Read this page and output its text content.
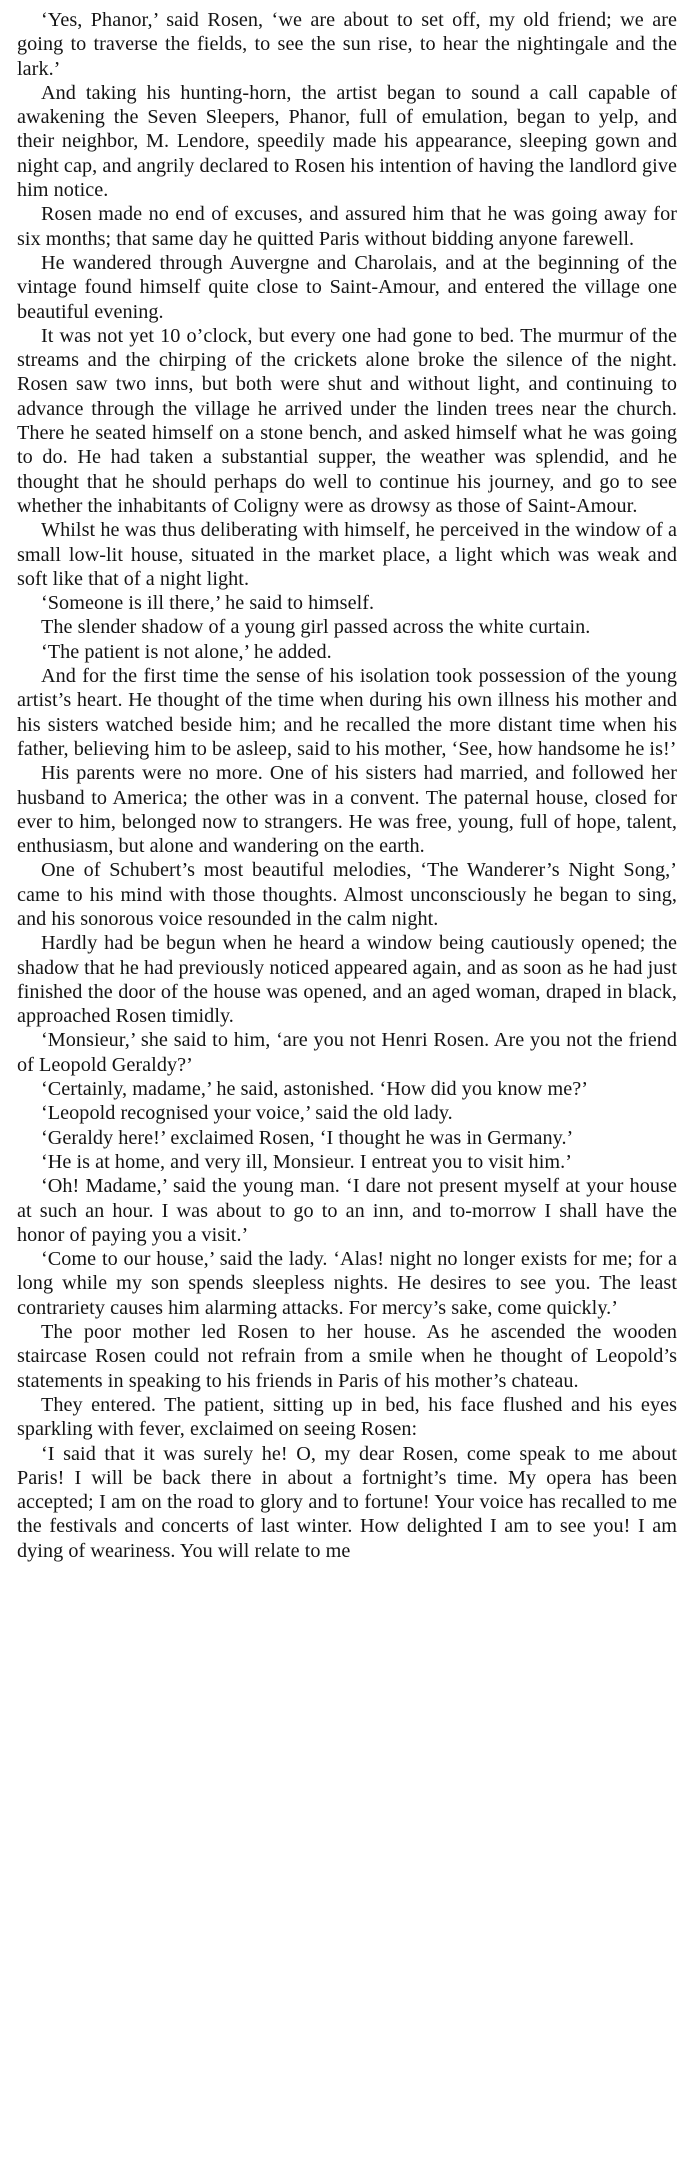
‘Yes, Phanor,’ said Rosen, ‘we are about to set off, my old friend; we are going to traverse the fields, to see the sun rise, to hear the nightingale and the lark.’

And taking his hunting-horn, the artist began to sound a call capable of awakening the Seven Sleepers, Phanor, full of emulation, began to yelp, and their neighbor, M. Lendore, speedily made his appearance, sleeping gown and night cap, and angrily declared to Rosen his intention of having the landlord give him notice.

Rosen made no end of excuses, and assured him that he was going away for six months; that same day he quitted Paris without bidding anyone farewell.

He wandered through Auvergne and Charolais, and at the beginning of the vintage found himself quite close to Saint-Amour, and entered the village one beautiful evening.

It was not yet 10 o’clock, but every one had gone to bed. The murmur of the streams and the chirping of the crickets alone broke the silence of the night. Rosen saw two inns, but both were shut and without light, and continuing to advance through the village he arrived under the linden trees near the church. There he seated himself on a stone bench, and asked himself what he was going to do. He had taken a substantial supper, the weather was splendid, and he thought that he should perhaps do well to continue his journey, and go to see whether the inhabitants of Coligny were as drowsy as those of Saint-Amour.

Whilst he was thus deliberating with himself, he perceived in the window of a small low-lit house, situated in the market place, a light which was weak and soft like that of a night light.

‘Someone is ill there,’ he said to himself.

The slender shadow of a young girl passed across the white curtain.

‘The patient is not alone,’ he added.

And for the first time the sense of his isolation took possession of the young artist’s heart. He thought of the time when during his own illness his mother and his sisters watched beside him; and he recalled the more distant time when his father, believing him to be asleep, said to his mother, ‘See, how handsome he is!’

His parents were no more. One of his sisters had married, and followed her husband to America; the other was in a convent. The paternal house, closed for ever to him, belonged now to strangers. He was free, young, full of hope, talent, enthusiasm, but alone and wandering on the earth.

One of Schubert’s most beautiful melodies, ‘The Wanderer’s Night Song,’ came to his mind with those thoughts. Almost unconsciously he began to sing, and his sonorous voice resounded in the calm night.

Hardly had be begun when he heard a window being cautiously opened; the shadow that he had previously noticed appeared again, and as soon as he had just finished the door of the house was opened, and an aged woman, draped in black, approached Rosen timidly.

‘Monsieur,’ she said to him, ‘are you not Henri Rosen. Are you not the friend of Leopold Geraldy?’

‘Certainly, madame,’ he said, astonished. ‘How did you know me?’

‘Leopold recognised your voice,’ said the old lady.

‘Geraldy here!’ exclaimed Rosen, ‘I thought he was in Germany.’

‘He is at home, and very ill, Monsieur. I entreat you to visit him.’

‘Oh! Madame,’ said the young man. ‘I dare not present myself at your house at such an hour. I was about to go to an inn, and to-morrow I shall have the honor of paying you a visit.’

‘Come to our house,’ said the lady. ‘Alas! night no longer exists for me; for a long while my son spends sleepless nights. He desires to see you. The least contrariety causes him alarming attacks. For mercy’s sake, come quickly.’

The poor mother led Rosen to her house. As he ascended the wooden staircase Rosen could not refrain from a smile when he thought of Leopold’s statements in speaking to his friends in Paris of his mother’s chateau.

They entered. The patient, sitting up in bed, his face flushed and his eyes sparkling with fever, exclaimed on seeing Rosen:

‘I said that it was surely he! O, my dear Rosen, come speak to me about Paris! I will be back there in about a fortnight’s time. My opera has been accepted; I am on the road to glory and to fortune! Your voice has recalled to me the festivals and concerts of last winter. How delighted I am to see you! I am dying of weariness. You will relate to me
